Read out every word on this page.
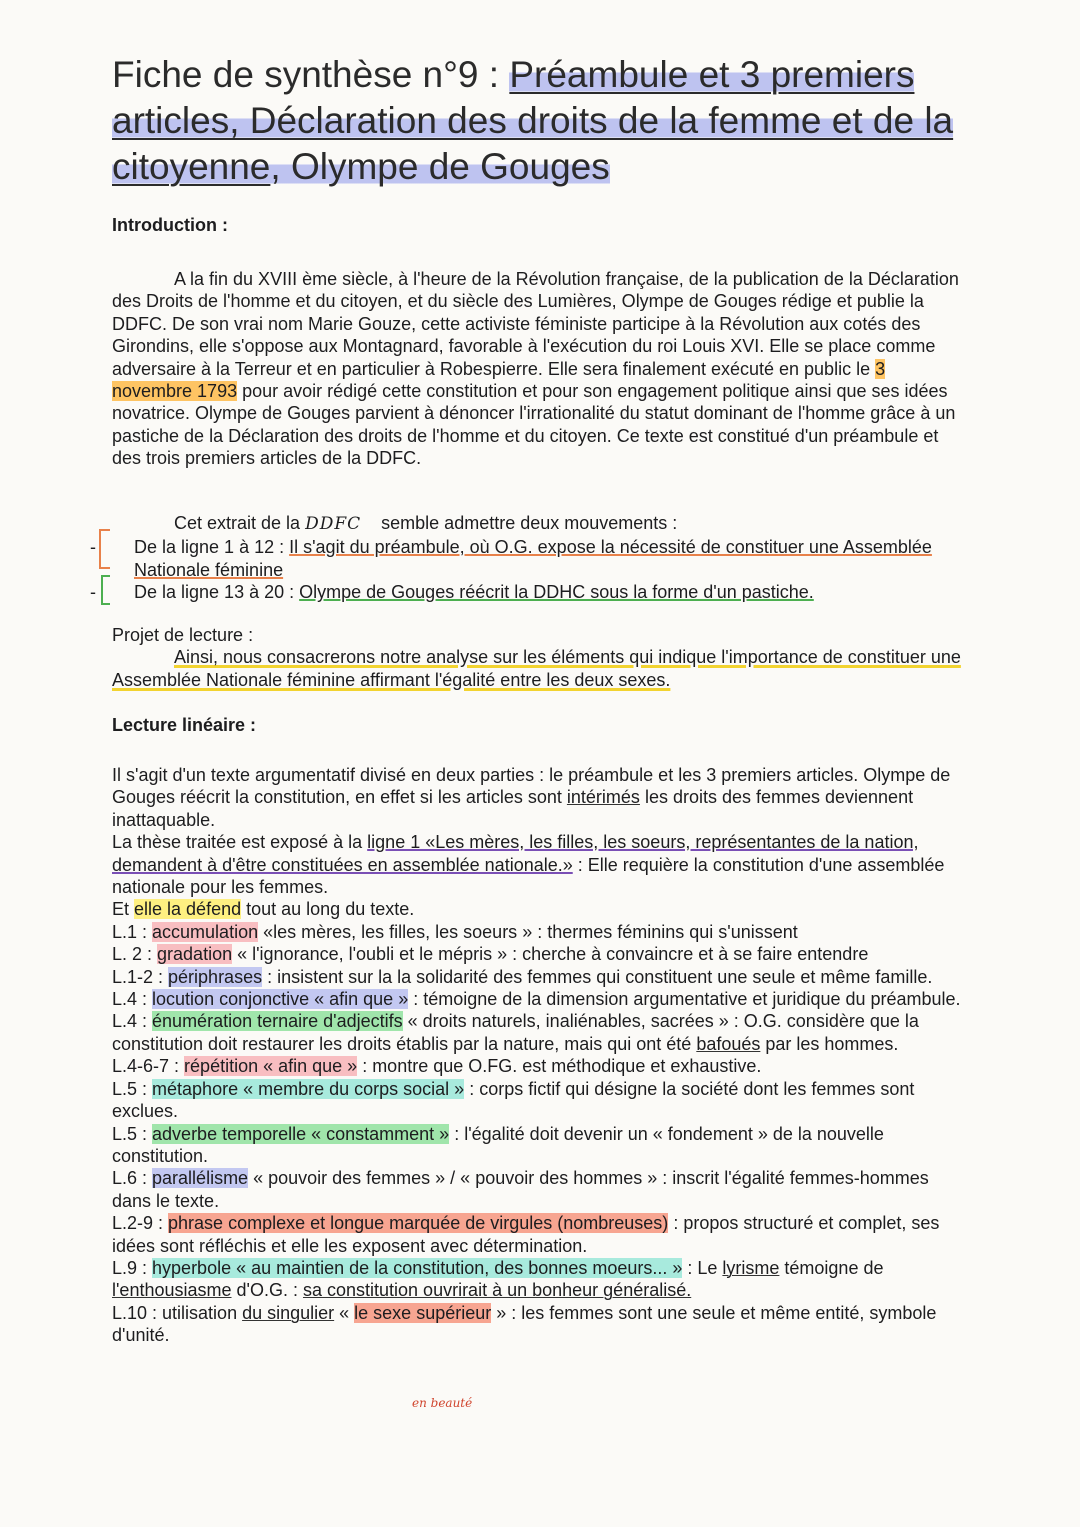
Fiche de synthèse n°9 : Préambule et 3 premiers articles, Déclaration des droits de la femme et de la citoyenne, Olympe de Gouges
Introduction :
A la fin du XVIII ème siècle, à l'heure de la Révolution française, de la publication de la Déclaration des Droits de l'homme et du citoyen, et du siècle des Lumières, Olympe de Gouges rédige et publie la DDFC. De son vrai nom Marie Gouze, cette activiste féministe participe à la Révolution aux cotés des Girondins, elle s'oppose aux Montagnard, favorable à l'exécution du roi Louis XVI. Elle se place comme adversaire à la Terreur et en particulier à Robespierre. Elle sera finalement exécuté en public le 3 novembre 1793 pour avoir rédigé cette constitution et pour son engagement politique ainsi que ses idées novatrice. Olympe de Gouges parvient à dénoncer l'irrationalité du statut dominant de l'homme grâce à un pastiche de la Déclaration des droits de l'homme et du citoyen. Ce texte est constitué d'un préambule et des trois premiers articles de la DDFC.
Cet extrait de la DDFC semble admettre deux mouvements :
- De la ligne 1 à 12 : Il s'agit du préambule, où O.G. expose la nécessité de constituer une Assemblée Nationale féminine
- De la ligne 13 à 20 : Olympe de Gouges réécrit la DDHC sous la forme d'un pastiche.
Projet de lecture :
Ainsi, nous consacrerons notre analyse sur les éléments qui indique l'importance de constituer une Assemblée Nationale féminine affirmant l'égalité entre les deux sexes.
Lecture linéaire :
Il s'agit d'un texte argumentatif divisé en deux parties : le préambule et les 3 premiers articles. Olympe de Gouges réécrit la constitution, en effet si les articles sont intérimés les droits des femmes deviennent inattaquable.
La thèse traitée est exposé à la ligne 1 «Les mères, les filles, les soeurs, représentantes de la nation, demandent à d'être constituées en assemblée nationale.» : Elle requière la constitution d'une assemblée nationale pour les femmes.
Et elle la défend tout au long du texte.
L.1 : accumulation «les mères, les filles, les soeurs » : thermes féminins qui s'unissent
L. 2 : gradation « l'ignorance, l'oubli et le mépris » : cherche à convaincre et à se faire entendre
L.1-2 : périphrases : insistent sur la la solidarité des femmes qui constituent une seule et même famille.
L.4 : locution conjonctive « afin que » : témoigne de la dimension argumentative et juridique du préambule.
L.4 : énumération ternaire d'adjectifs « droits naturels, inaliénables, sacrées » : O.G. considère que la constitution doit restaurer les droits établis par la nature, mais qui ont été bafoués par les hommes.
L.4-6-7 : répétition « afin que » : montre que O.FG. est méthodique et exhaustive.
L.5 : métaphore « membre du corps social » : corps fictif qui désigne la société dont les femmes sont exclues.
L.5 : adverbe temporelle « constamment » : l'égalité doit devenir un « fondement » de la nouvelle constitution.
L.6 : parallélisme « pouvoir des femmes » / « pouvoir des hommes » : inscrit l'égalité femmes-hommes dans le texte.
L.2-9 : phrase complexe et longue marquée de virgules (nombreuses) : propos structuré et complet, ses idées sont réfléchis et elle les exposent avec détermination.
L.9 : hyperbole « au maintien de la constitution, des bonnes moeurs... » : Le lyrisme témoigne de l'enthousiasme d'O.G. : sa constitution ouvrirait à un bonheur généralisé.
L.10 : utilisation du singulier « le sexe supérieur » : les femmes sont une seule et même entité, symbole d'unité.
en beauté
